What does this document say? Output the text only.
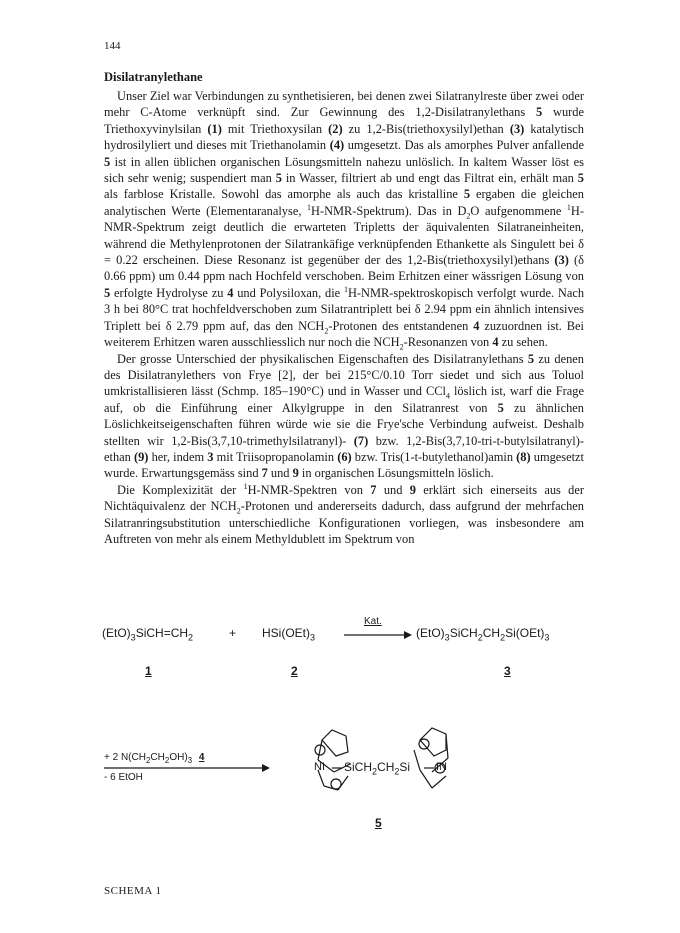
144
Disilatranylethane

Unser Ziel war Verbindungen zu synthetisieren, bei denen zwei Silatranylreste über zwei oder mehr C-Atome verknüpft sind. Zur Gewinnung des 1,2-Disilatranylethans 5 wurde Triethoxyvinylsilan (1) mit Triethoxysilan (2) zu 1,2-Bis(triethoxysilyl)ethan (3) katalytisch hydrosilyliert und dieses mit Triethanolamin (4) umgesetzt. Das als amorphes Pulver anfallende 5 ist in allen üblichen organischen Lösungsmitteln nahezu unlöslich. In kaltem Wasser löst es sich sehr wenig; suspendiert man 5 in Wasser, filtriert ab und engt das Filtrat ein, erhält man 5 als farblose Kristalle. Sowohl das amorphe als auch das kristalline 5 ergaben die gleichen analytischen Werte (Elementaranalyse, $^1$H-NMR-Spektrum). Das in $D_2O$ aufgenommene $^1$H-NMR-Spektrum zeigt deutlich die erwarteten Tripletts der äquivalenten Silatraneinheiten, während die Methylenprotonen der Silatrankäfige verknüpfenden Ethankette als Singulett bei δ = 0.22 erscheinen. Diese Resonanz ist gegenüber der des 1,2-Bis(triethoxysilyl)ethans (3) (δ 0.66 ppm) um 0.44 ppm nach Hochfeld verschoben. Beim Erhitzen einer wässrigen Lösung von 5 erfolgte Hydrolyse zu 4 und Polysiloxan, die $^1$H-NMR-spektroskopisch verfolgt wurde. Nach 3 h bei 80°C trat hochfeldverschoben zum Silatrantriplett bei δ 2.94 ppm ein ähnlich intensives Triplett bei δ 2.79 ppm auf, das den $NCH_2$-Protonen des entstandenen 4 zuzuordnen ist. Bei weiterem Erhitzen waren ausschliesslich nur noch die $NCH_2$-Resonanzen von 4 zu sehen.

Der grosse Unterschied der physikalischen Eigenschaften des Disilatranylethans 5 zu denen des Disilatranylethers von Frye [2], der bei 215°C/0.10 Torr siedet und sich aus Toluol umkristallisieren lässt (Schmp. 185–190°C) und in Wasser und CCl$_4$ löslich ist, warf die Frage auf, ob die Einführung einer Alkylgruppe in den Silatranrest von 5 zu ähnlichen Löslichkeitseigenschaften führen würde wie sie die Frye'sche Verbindung aufweist. Deshalb stellten wir 1,2-Bis(3,7,10-trimethylsilatranyl)- (7) bzw. 1,2-Bis(3,7,10-tri-t-butylsilatranyl)-ethan (9) her, indem 3 mit Triisopropanolamin (6) bzw. Tris(1-t-butylethanol)amin (8) umgesetzt wurde. Erwartungsgemäss sind 7 und 9 in organischen Lösungsmitteln löslich.

Die Komplexizität der $^1$H-NMR-Spektren von 7 und 9 erklärt sich einerseits aus der Nichtäquivalenz der $NCH_2$-Protonen und andererseits dadurch, dass aufgrund der mehrfachen Silatranringsubstitution unterschiedliche Konfigurationen vorliegen, was insbesondere am Auftreten von mehr als einem Methyldublett im Spektrum von

$(EtO)_3SiCH=CH_2$	+ $HSi(OEt)_3$
Kat.
$(EtO)_3SiCH_2CH_2Si(OEt)_3$
1	2	3
+ 2 $N(CH_2CH_2OH)_3$ 4
- 6 EtOH
NI $SiCH_2CH_2Si$ IN
5
SCHEMA 1
